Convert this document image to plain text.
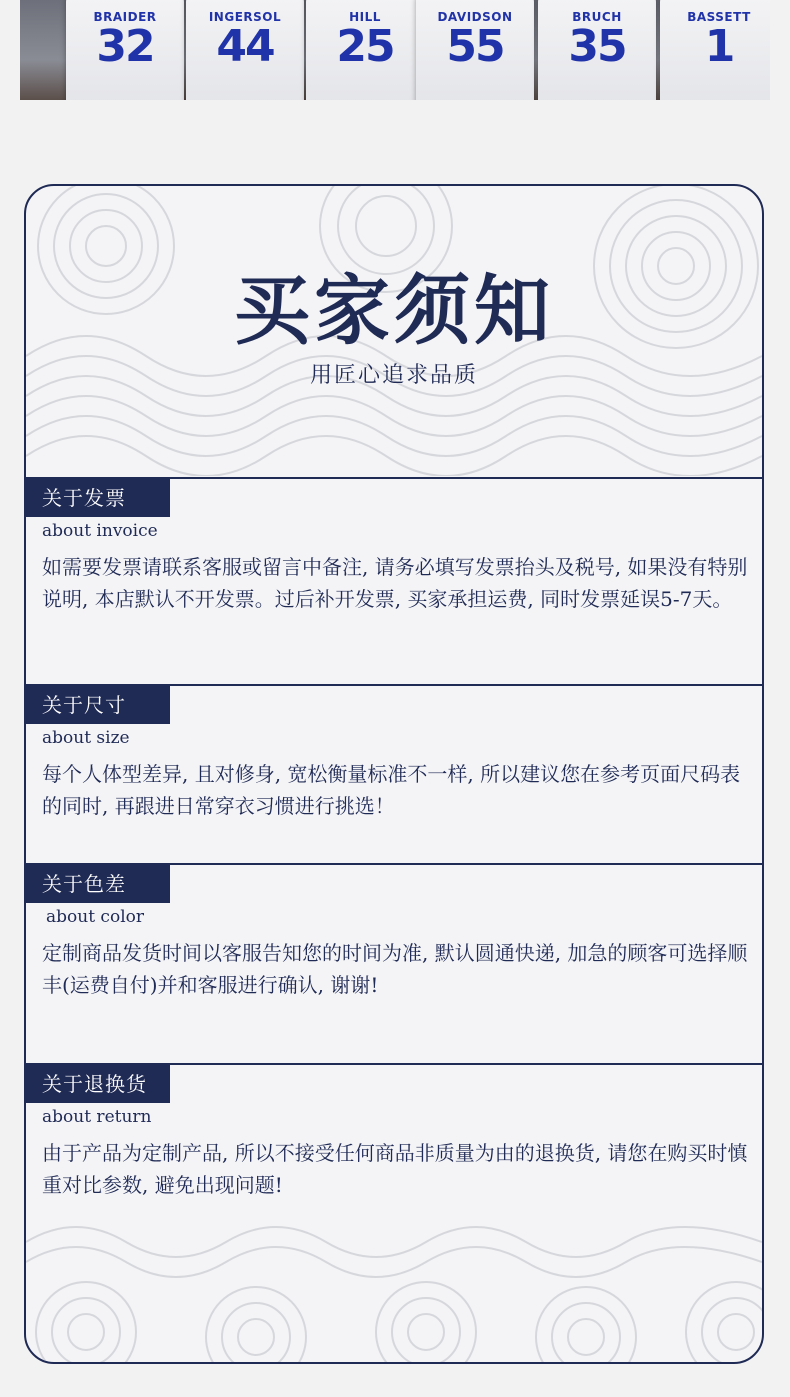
BRAIDER
32
INGERSOL
44
HILL
25
DAVIDSON
55
BRUCH
35
BASSETT
1
买家须知
用匠心追求品质
关于发票
about invoice
如需要发票请联系客服或留言中备注, 请务必填写发票抬头及税号, 如果没有特别说明, 本店默认不开发票。过后补开发票, 买家承担运费, 同时发票延误5-7天。
关于尺寸
about size
每个人体型差异, 且对修身, 宽松衡量标准不一样, 所以建议您在参考页面尺码表的同时, 再跟进日常穿衣习惯进行挑选！
关于色差
about color
定制商品发货时间以客服告知您的时间为准, 默认圆通快递, 加急的顾客可选择顺丰(运费自付)并和客服进行确认, 谢谢!
关于退换货
about return
由于产品为定制产品, 所以不接受任何商品非质量为由的退换货, 请您在购买时慎重对比参数, 避免出现问题!
